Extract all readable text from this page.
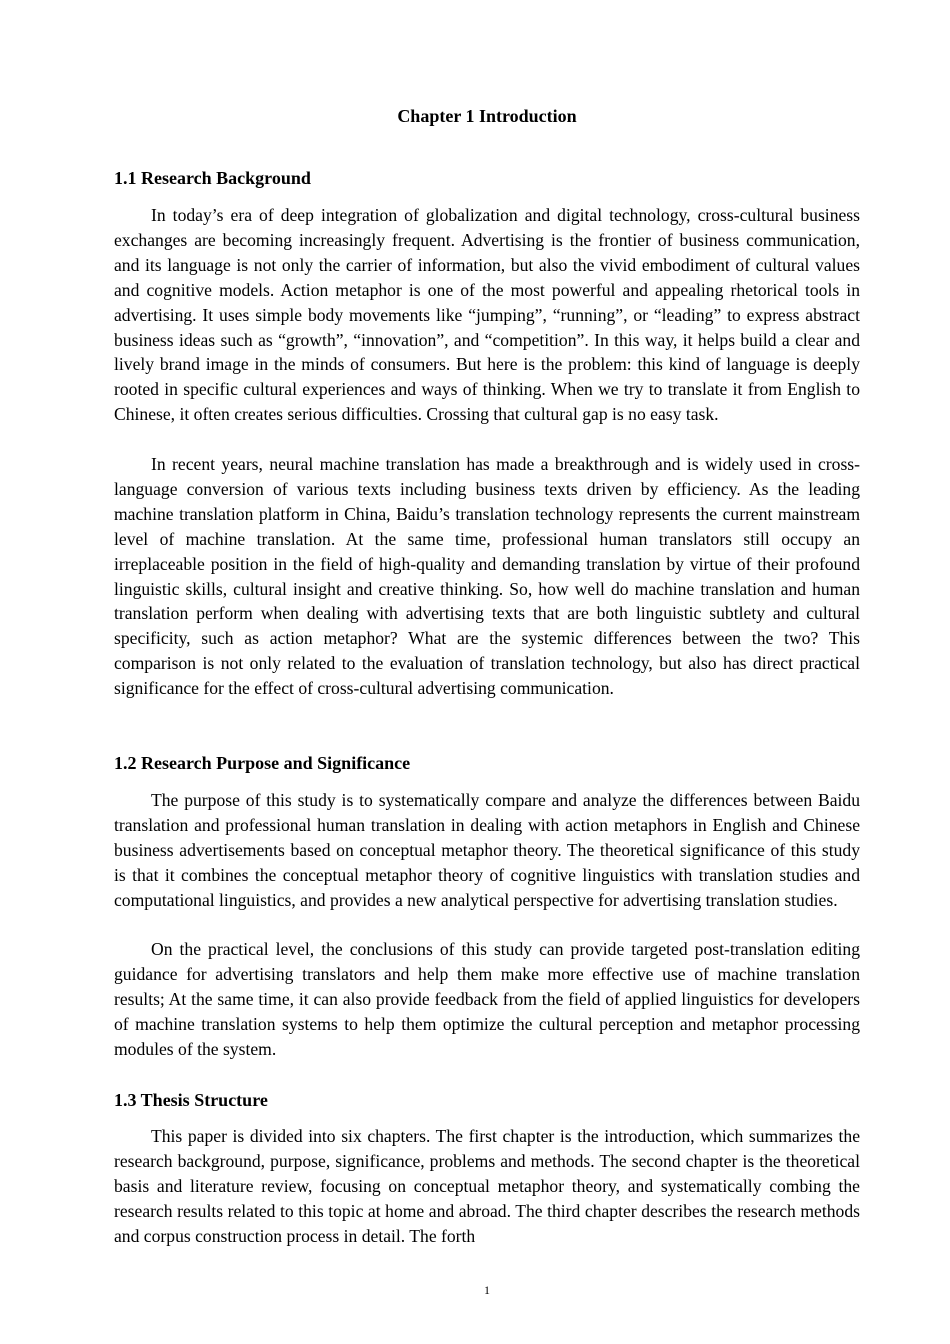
Chapter 1 Introduction
1.1 Research Background

In today’s era of deep integration of globalization and digital technology, cross-cultural business exchanges are becoming increasingly frequent. Advertising is the frontier of business communication, and its language is not only the carrier of information, but also the vivid embodiment of cultural values and cognitive models. Action metaphor is one of the most powerful and appealing rhetorical tools in advertising. It uses simple body movements like “jumping”, “running”, or “leading” to express abstract business ideas such as “growth”, “innovation”, and “competition”. In this way, it helps build a clear and lively brand image in the minds of consumers. But here is the problem: this kind of language is deeply rooted in specific cultural experiences and ways of thinking. When we try to translate it from English to Chinese, it often creates serious difficulties. Crossing that cultural gap is no easy task.

In recent years, neural machine translation has made a breakthrough and is widely used in cross-language conversion of various texts including business texts driven by efficiency. As the leading machine translation platform in China, Baidu’s translation technology represents the current mainstream level of machine translation. At the same time, professional human translators still occupy an irreplaceable position in the field of high-quality and demanding translation by virtue of their profound linguistic skills, cultural insight and creative thinking. So, how well do machine translation and human translation perform when dealing with advertising texts that are both linguistic subtlety and cultural specificity, such as action metaphor? What are the systemic differences between the two? This comparison is not only related to the evaluation of translation technology, but also has direct practical significance for the effect of cross-cultural advertising communication.

1.2 Research Purpose and Significance

The purpose of this study is to systematically compare and analyze the differences between Baidu translation and professional human translation in dealing with action metaphors in English and Chinese business advertisements based on conceptual metaphor theory. The theoretical significance of this study is that it combines the conceptual metaphor theory of cognitive linguistics with translation studies and computational linguistics, and provides a new analytical perspective for advertising translation studies.

On the practical level, the conclusions of this study can provide targeted post-translation editing guidance for advertising translators and help them make more effective use of machine translation results; At the same time, it can also provide feedback from the field of applied linguistics for developers of machine translation systems to help them optimize the cultural perception and metaphor processing modules of the system.

1.3 Thesis Structure

This paper is divided into six chapters. The first chapter is the introduction, which summarizes the research background, purpose, significance, problems and methods. The second chapter is the theoretical basis and literature review, focusing on conceptual metaphor theory, and systematically combing the research results related to this topic at home and abroad. The third chapter describes the research methods and corpus construction process in detail. The forth

1
